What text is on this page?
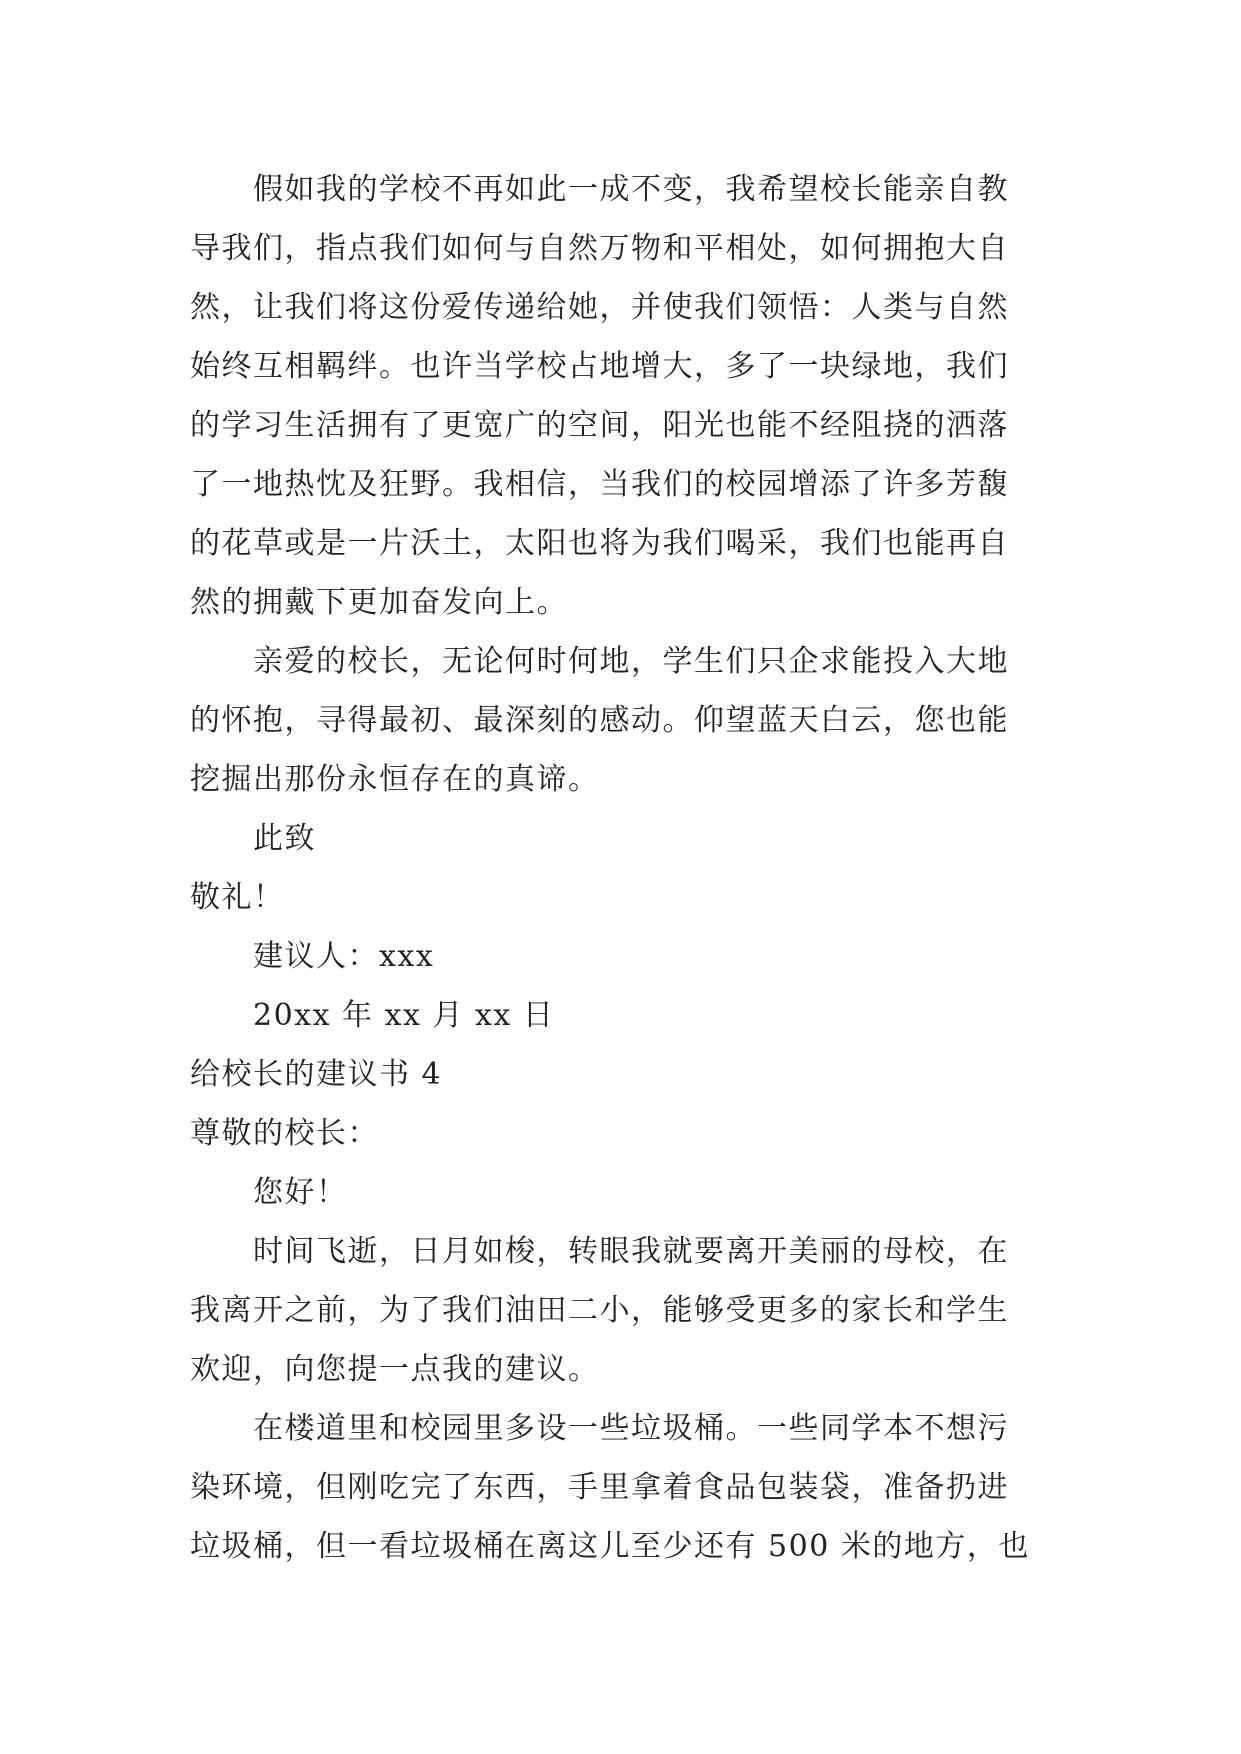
假如我的学校不再如此一成不变，我希望校长能亲自教
导我们，指点我们如何与自然万物和平相处，如何拥抱大自
然，让我们将这份爱传递给她，并使我们领悟：人类与自然
始终互相羁绊。也许当学校占地增大，多了一块绿地，我们
的学习生活拥有了更宽广的空间，阳光也能不经阻挠的洒落
了一地热忱及狂野。我相信，当我们的校园增添了许多芳馥
的花草或是一片沃土，太阳也将为我们喝采，我们也能再自
然的拥戴下更加奋发向上。
亲爱的校长，无论何时何地，学生们只企求能投入大地
的怀抱，寻得最初、最深刻的感动。仰望蓝天白云，您也能
挖掘出那份永恒存在的真谛。
此致
敬礼！
建议人：xxx
20xx 年 xx 月 xx 日
给校长的建议书 4
尊敬的校长：
您好！
时间飞逝，日月如梭，转眼我就要离开美丽的母校，在
我离开之前，为了我们油田二小，能够受更多的家长和学生
欢迎，向您提一点我的建议。
在楼道里和校园里多设一些垃圾桶。一些同学本不想污
染环境，但刚吃完了东西，手里拿着食品包装袋，准备扔进
垃圾桶，但一看垃圾桶在离这儿至少还有 500 米的地方，也
